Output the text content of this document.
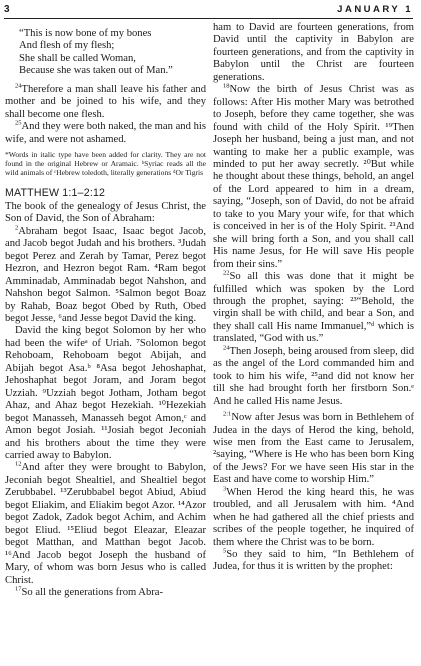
3	JANUARY 1

“This is now bone of my bones
And flesh of my flesh;
She shall be called Woman,
Because she was taken out of Man.”

$^{24}$Therefore a man shall leave his father and mother and be joined to his wife, and they shall become one flesh.

$^{25}$And they were both naked, the man and his wife, and were not ashamed.

*Words in italic type have been added for clarity. They are not found in the original Hebrew or Aramaic. ᵇSyriac reads all the wild animals of ᶜHebrew toledoth, literally generations ᵈOr Tigris

MATTHEW 1:1–2:12

The book of the genealogy of Jesus Christ, the Son of David, the Son of Abraham:

$^2$Abraham begot Isaac, Isaac begot Jacob, and Jacob begot Judah and his brothers. ³Judah begot Perez and Zerah by Tamar, Perez begot Hezron, and Hezron begot Ram. ⁴Ram begot Amminadab, Amminadab begot Nahshon, and Nahshon begot Salmon. ⁵Salmon begot Boaz by Rahab, Boaz begot Obed by Ruth, Obed begot Jesse, ⁶and Jesse begot David the king.

David the king begot Solomon by her who had been the wifeᵃ of Uriah. ⁷Solomon begot Rehoboam, Rehoboam begot Abijah, and Abijah begot Asa.ᵇ ⁸Asa begot Jehoshaphat, Jehoshaphat begot Joram, and Joram begot Uzziah. ⁹Uzziah begot Jotham, Jotham begot Ahaz, and Ahaz begot Hezekiah. ¹⁰Hezekiah begot Manasseh, Manasseh begot Amon,ᶜ and Amon begot Josiah. ¹¹Josiah begot Jeconiah and his brothers about the time they were carried away to Babylon.

$^{12}$And after they were brought to Babylon, Jeconiah begot Shealtiel, and Shealtiel begot Zerubbabel. ¹³Zerubbabel begot Abiud, Abiud begot Eliakim, and Eliakim begot Azor. ¹⁴Azor begot Zadok, Zadok begot Achim, and Achim begot Eliud. ¹⁵Eliud begot Eleazar, Eleazar begot Matthan, and Matthan begot Jacob. ¹⁶And Jacob begot Joseph the husband of Mary, of whom was born Jesus who is called Christ.

$^{17}$So all the generations from Abra-

ham to David are fourteen generations, from David until the captivity in Babylon are fourteen generations, and from the captivity in Babylon until the Christ are fourteen generations.

$^{18}$Now the birth of Jesus Christ was as follows: After His mother Mary was betrothed to Joseph, before they came together, she was found with child of the Holy Spirit. ¹⁹Then Joseph her husband, being a just man, and not wanting to make her a public example, was minded to put her away secretly. ²⁰But while he thought about these things, behold, an angel of the Lord appeared to him in a dream, saying, “Joseph, son of David, do not be afraid to take to you Mary your wife, for that which is conceived in her is of the Holy Spirit. ²¹And she will bring forth a Son, and you shall call His name Jesus, for He will save His people from their sins.”

$^{22}$So all this was done that it might be fulfilled which was spoken by the Lord through the prophet, saying: ²³“Behold, the virgin shall be with child, and bear a Son, and they shall call His name Immanuel,”ᵈ which is translated, “God with us.”

$^{24}$Then Joseph, being aroused from sleep, did as the angel of the Lord commanded him and took to him his wife, ²⁵and did not know her till she had brought forth her firstborn Son.ᵉ And he called His name Jesus.

$^{2:1}$Now after Jesus was born in Bethlehem of Judea in the days of Herod the king, behold, wise men from the East came to Jerusalem, ²saying, “Where is He who has been born King of the Jews? For we have seen His star in the East and have come to worship Him.”

$^3$When Herod the king heard this, he was troubled, and all Jerusalem with him. ⁴And when he had gathered all the chief priests and scribes of the people together, he inquired of them where the Christ was to be born.

$^5$So they said to him, “In Bethlehem of Judea, for thus it is written by the prophet:
